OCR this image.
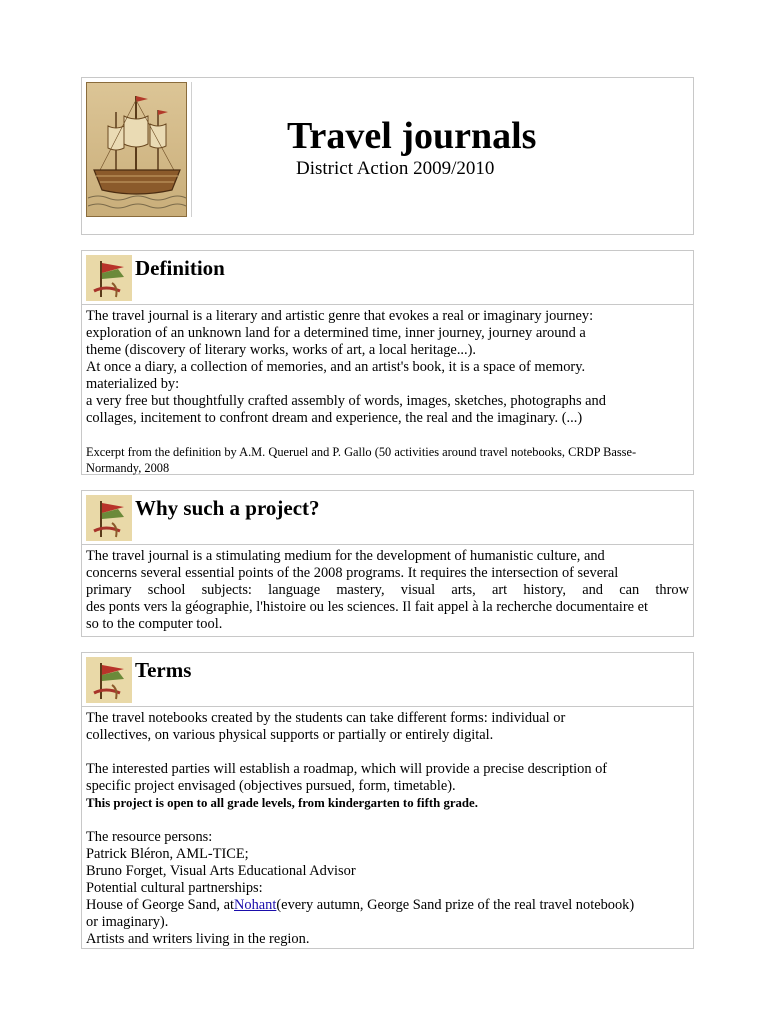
Travel journals
District Action 2009/2010
Definition

The travel journal is a literary and artistic genre that evokes a real or imaginary journey:

exploration of an unknown land for a determined time, inner journey, journey around a

theme (discovery of literary works, works of art, a local heritage...).

At once a diary, a collection of memories, and an artist's book, it is a space of memory.

materialized by:

a very free but thoughtfully crafted assembly of words, images, sketches, photographs and

collages, incitement to confront dream and experience, the real and the imaginary. (...)

Excerpt from the definition by A.M. Queruel and P. Gallo (50 activities around travel notebooks, CRDP Basse-

Normandy, 2008

Why such a project?

The travel journal is a stimulating medium for the development of humanistic culture, and

concerns several essential points of the 2008 programs. It requires the intersection of several

primary school subjects: language mastery, visual arts, art history, and can throw

des ponts vers la géographie, l'histoire ou les sciences. Il fait appel à la recherche documentaire et

so to the computer tool.

Terms

The travel notebooks created by the students can take different forms: individual or

collectives, on various physical supports or partially or entirely digital.

The interested parties will establish a roadmap, which will provide a precise description of

specific project envisaged (objectives pursued, form, timetable).

This project is open to all grade levels, from kindergarten to fifth grade.

The resource persons:

Patrick Bléron, AML-TICE;

Bruno Forget, Visual Arts Educational Advisor

Potential cultural partnerships:

House of George Sand, atNohant(every autumn, George Sand prize of the real travel notebook)

or imaginary).

Artists and writers living in the region.
